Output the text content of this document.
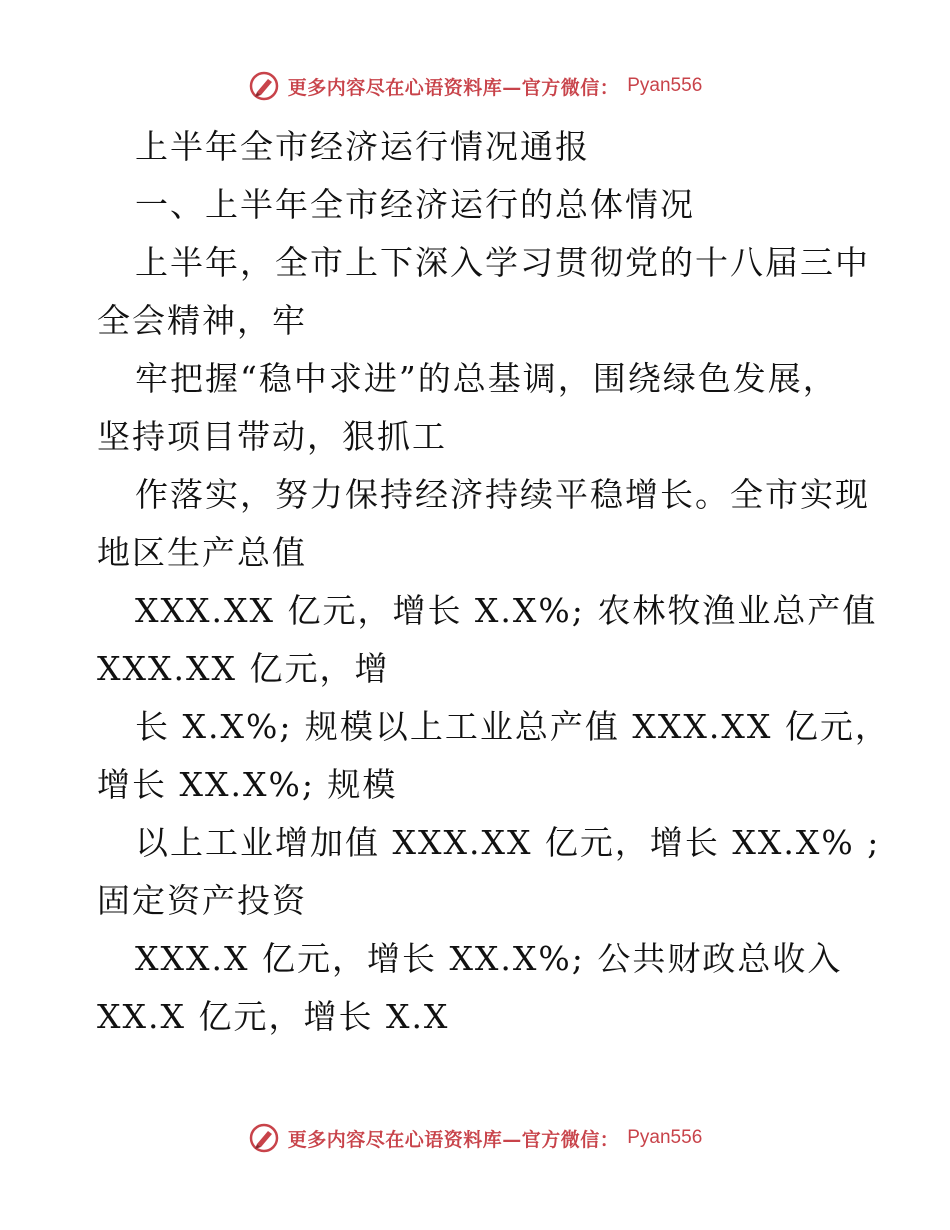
更多内容尽在心语资料库—官方微信： Pyan556
上半年全市经济运行情况通报
一、上半年全市经济运行的总体情况
上半年，全市上下深入学习贯彻党的十八届三中
全会精神，牢
牢把握“稳中求进”的总基调，围绕绿色发展，
坚持项目带动，狠抓工
作落实，努力保持经济持续平稳增长。全市实现
地区生产总值
XXX.XX 亿元，增长 X.X%; 农林牧渔业总产值
XXX.XX 亿元，增
长 X.X%; 规模以上工业总产值 XXX.XX 亿元，
增长 XX.X%; 规模
以上工业增加值 XXX.XX 亿元，增长 XX.X% ;
固定资产投资
XXX.X 亿元，增长 XX.X%; 公共财政总收入
XX.X 亿元，增长 X.X
更多内容尽在心语资料库—官方微信： Pyan556
